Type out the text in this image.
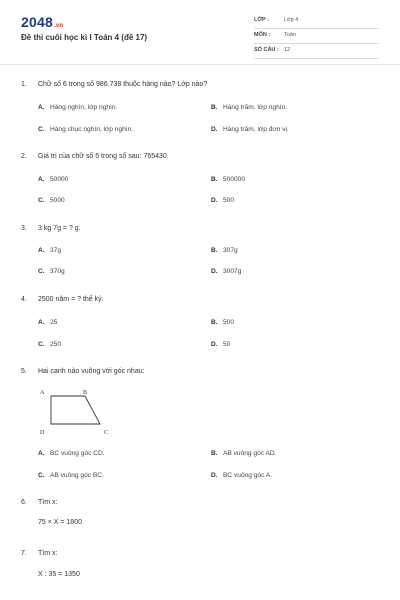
2048.vn
Đề thi cuối học kì I Toán 4 (đề 17)
LỚP :	Lớp 4
MÔN :	Toán
SỐ CÂU : 12
1. Chữ số 6 trong số 986.738 thuộc hàng nào? Lớp nào?
A. Hàng nghìn, lớp nghìn.	B. Hàng trăm, lớp nghìn.
C. Hàng chục nghìn, lớp nghìn.	D. Hàng trăm, lớp đơn vị.
2. Giá trị của chữ số 5 trong số sau: 765430.
A. 50000	B. 500000
C. 5000	D. 500
3. 3 kg 7g = ? g.
A. 37g	B. 307g
C. 370g	D. 3007g
4. 2500 năm = ? thế kỷ.
A. 25	B. 500
C. 250	D. 50
5. Hai cạnh nào vuông với góc nhau:
A	B
C
D
A. BC vuông góc CD.	B. AB vuông góc AD.
C. AB vuông góc BC.	D. BC vuông góc A.
6. Tìm x:
75 × X = 1800
7. Tìm x:
X : 35 = 1350
